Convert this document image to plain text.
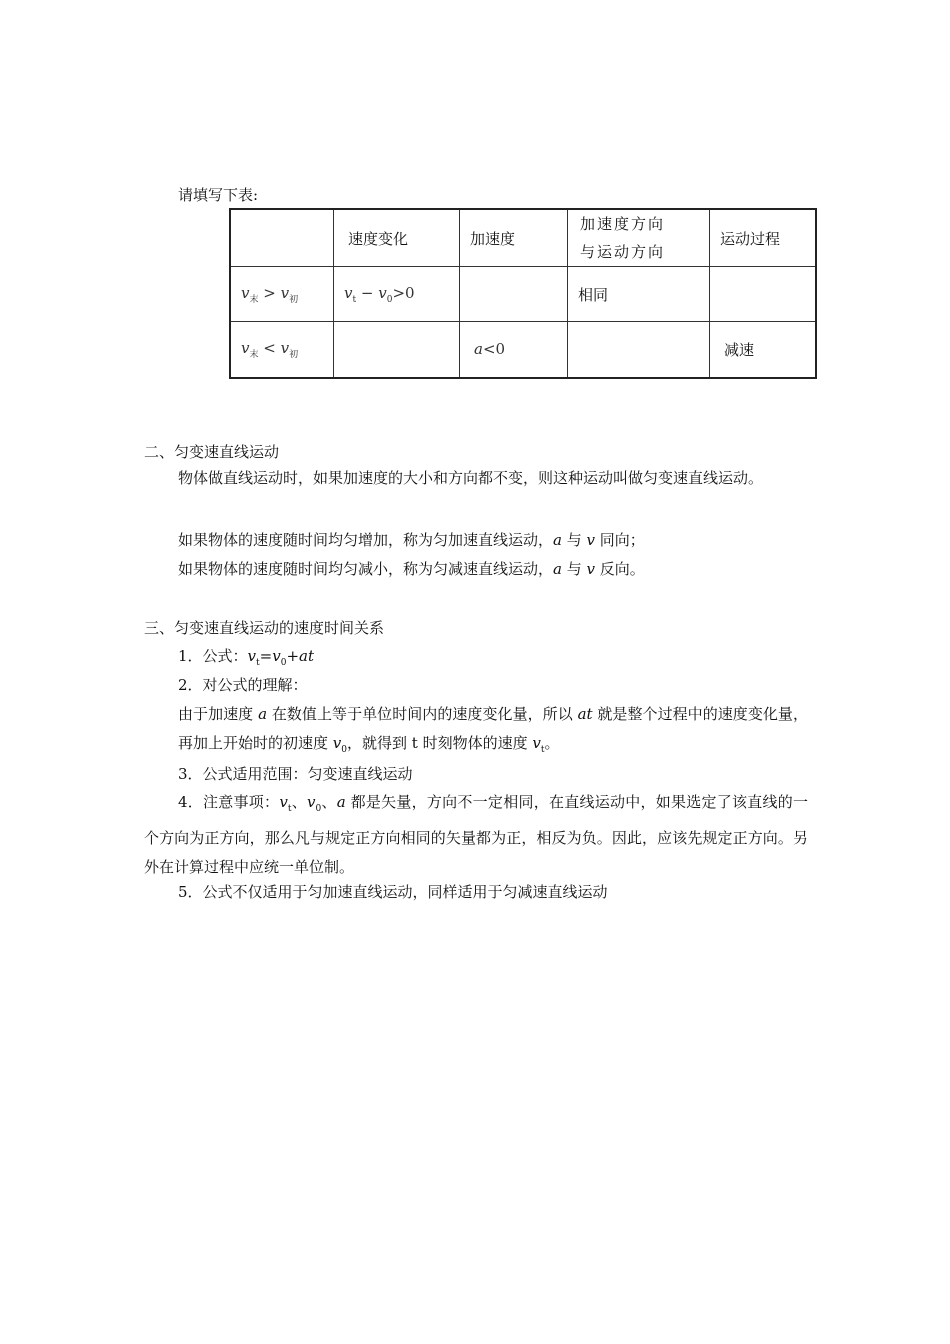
请填写下表:
	速度变化	加速度	加速度方向
与运动方向	运动过程
$v_末 > v_初$	$v_t - v_0>0$		相同	
$v_末 < v_初$		a<0		减速
二、匀变速直线运动
物体做直线运动时，如果加速度的大小和方向都不变，则这种运动叫做匀变速直线运动。
如果物体的速度随时间均匀增加，称为匀加速直线运动，a 与 v 同向；
如果物体的速度随时间均匀减小，称为匀减速直线运动，a 与 v 反向。
三、匀变速直线运动的速度时间关系
1．公式：$v_t=v_0+at$
2．对公式的理解：
由于加速度 a 在数值上等于单位时间内的速度变化量，所以 at 就是整个过程中的速度变化量，再加上开始时的初速度 $v_0$，就得到 t 时刻物体的速度 $v_t$。
3．公式适用范围：匀变速直线运动
4．注意事项：$v_t$、$v_0$、a 都是矢量，方向不一定相同，在直线运动中，如果选定了该直线的一个方向为正方向，那么凡与规定正方向相同的矢量都为正，相反为负。因此，应该先规定正方向。另外在计算过程中应统一单位制。
5．公式不仅适用于匀加速直线运动，同样适用于匀减速直线运动
